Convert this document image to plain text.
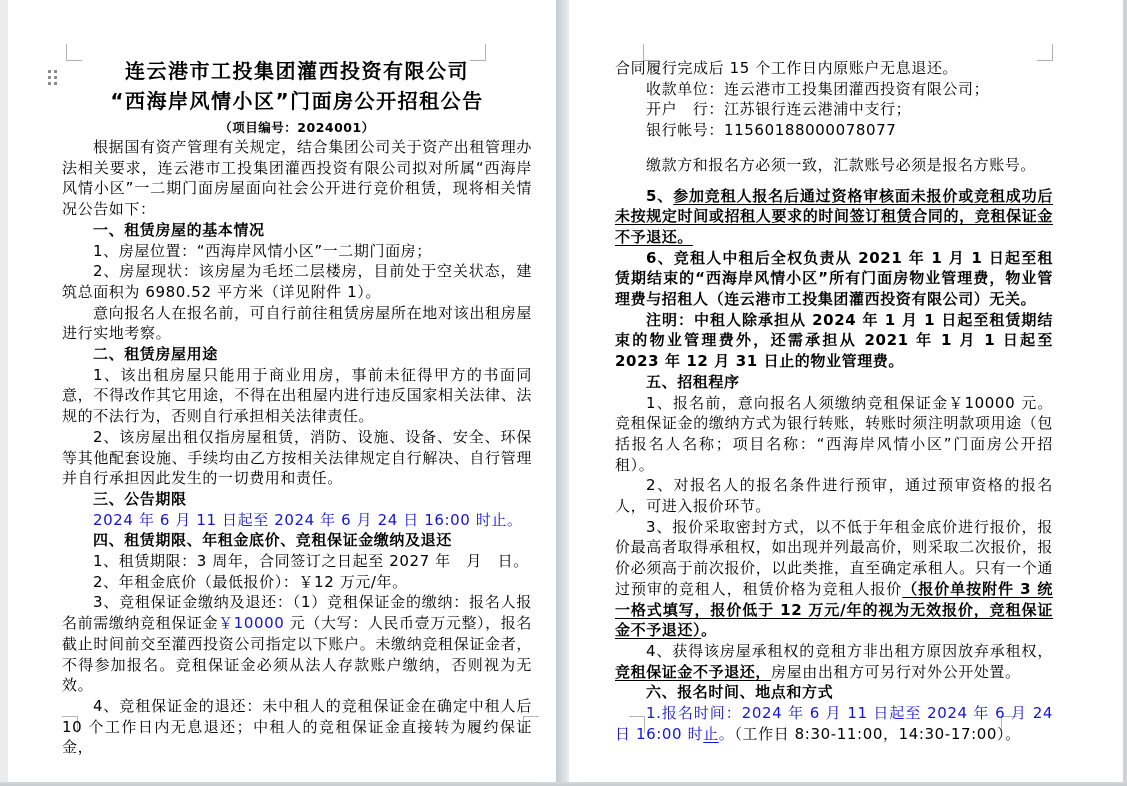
连云港市工投集团灌西投资有限公司

“西海岸风情小区”门面房公开招租公告

（项目编号：2024001）

根据国有资产管理有关规定，结合集团公司关于资产出租管理办法相关要求，连云港市工投集团灌西投资有限公司拟对所属“西海岸风情小区”一二期门面房屋面向社会公开进行竞价租赁，现将相关情况公告如下：

一、租赁房屋的基本情况

1、房屋位置：“西海岸风情小区”一二期门面房；

2、房屋现状：该房屋为毛坯二层楼房，目前处于空关状态，建筑总面积为 6980.52 平方米（详见附件 1）。

意向报名人在报名前，可自行前往租赁房屋所在地对该出租房屋进行实地考察。

二、租赁房屋用途

1、该出租房屋只能用于商业用房，事前未征得甲方的书面同意，不得改作其它用途，不得在出租屋内进行违反国家相关法律、法规的不法行为，否则自行承担相关法律责任。

2、该房屋出租仅指房屋租赁，消防、设施、设备、安全、环保等其他配套设施、手续均由乙方按相关法律规定自行解决、自行管理并自行承担因此发生的一切费用和责任。

三、公告期限

2024 年 6 月 11 日起至 2024 年 6 月 24 日 16:00 时止。

四、租赁期限、年租金底价、竞租保证金缴纳及退还

1、租赁期限：3 周年，合同签订之日起至 2027 年　月　日。

2、年租金底价（最低报价）：￥12 万元/年。

3、竞租保证金缴纳及退还：（1）竞租保证金的缴纳：报名人报名前需缴纳竞租保证金￥10000 元（大写：人民币壹万元整），报名截止时间前交至灌西投资公司指定以下账户。未缴纳竞租保证金者，不得参加报名。竞租保证金必须从法人存款账户缴纳，否则视为无效。

4、竞租保证金的退还：未中租人的竞租保证金在确定中租人后 10 个工作日内无息退还；中租人的竞租保证金直接转为履约保证金，

合同履行完成后 15 个工作日内原账户无息退还。

收款单位：连云港市工投集团灌西投资有限公司；

开户　行：江苏银行连云港浦中支行；

银行帐号：11560188000078077

缴款方和报名方必须一致，汇款账号必须是报名方账号。

5、参加竞租人报名后通过资格审核面未报价或竞租成功后未按规定时间或招租人要求的时间签订租赁合同的，竞租保证金不予退还。

6、竞租人中租后全权负责从 2021 年 1 月 1 日起至租赁期结束的“西海岸风情小区”所有门面房物业管理费，物业管理费与招租人（连云港市工投集团灌西投资有限公司）无关。

注明：中租人除承担从 2024 年 1 月 1 日起至租赁期结束的物业管理费外，还需承担从 2021 年 1 月 1 日起至 2023 年 12 月 31 日止的物业管理费。

五、招租程序

1、报名前，意向报名人须缴纳竞租保证金￥10000 元。竞租保证金的缴纳方式为银行转账，转账时须注明款项用途（包括报名人名称；项目名称：“西海岸风情小区”门面房公开招租）。

2、对报名人的报名条件进行预审，通过预审资格的报名人，可进入报价环节。

3、报价采取密封方式，以不低于年租金底价进行报价，报价最高者取得承租权，如出现并列最高价，则采取二次报价，报价必须高于前次报价，以此类推，直至确定承租人。只有一个通过预审的竞租人，租赁价格为竞租人报价（报价单按附件 3 统一格式填写，报价低于 12 万元/年的视为无效报价，竞租保证金不予退还）。

4、获得该房屋承租权的竞租方非出租方原因放弃承租权，竞租保证金不予退还，房屋由出租方可另行对外公开处置。

六、报名时间、地点和方式

1.报名时间：2024 年 6 月 11 日起至 2024 年 6 月 24 日 16:00 时止。（工作日 8:30-11:00，14:30-17:00）。
